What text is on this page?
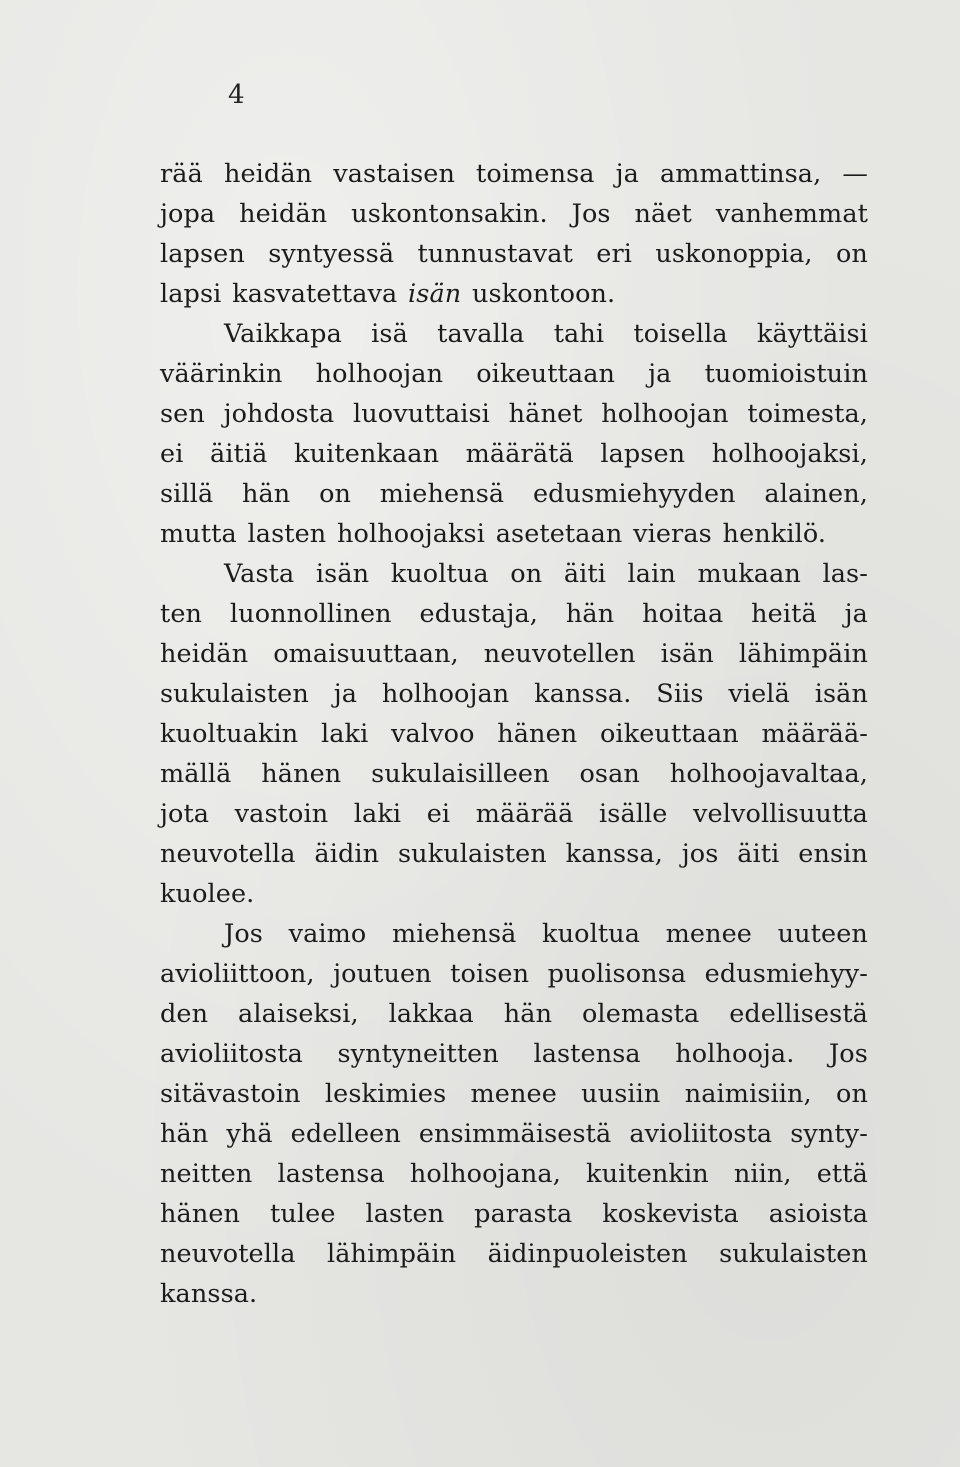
4
rää heidän vastaisen toimensa ja ammattinsa, —
jopa heidän uskontonsakin. Jos näet vanhemmat
lapsen syntyessä tunnustavat eri uskonoppia, on
lapsi kasvatettava isän uskontoon.
Vaikkapa isä tavalla tahi toisella käyttäisi
väärinkin holhoojan oikeuttaan ja tuomioistuin
sen johdosta luovuttaisi hänet holhoojan toimesta,
ei äitiä kuitenkaan määrätä lapsen holhoojaksi,
sillä hän on miehensä edusmiehyyden alainen,
mutta lasten holhoojaksi asetetaan vieras henkilö.
Vasta isän kuoltua on äiti lain mukaan las-
ten luonnollinen edustaja, hän hoitaa heitä ja
heidän omaisuuttaan, neuvotellen isän lähimpäin
sukulaisten ja holhoojan kanssa. Siis vielä isän
kuoltuakin laki valvoo hänen oikeuttaan määrää-
mällä hänen sukulaisilleen osan holhoojavaltaa,
jota vastoin laki ei määrää isälle velvollisuutta
neuvotella äidin sukulaisten kanssa, jos äiti ensin
kuolee.
Jos vaimo miehensä kuoltua menee uuteen
avioliittoon, joutuen toisen puolisonsa edusmiehyy-
den alaiseksi, lakkaa hän olemasta edellisestä
avioliitosta syntyneitten lastensa holhooja. Jos
sitävastoin leskimies menee uusiin naimisiin, on
hän yhä edelleen ensimmäisestä avioliitosta synty-
neitten lastensa holhoojana, kuitenkin niin, että
hänen tulee lasten parasta koskevista asioista
neuvotella lähimpäin äidinpuoleisten sukulaisten
kanssa.
